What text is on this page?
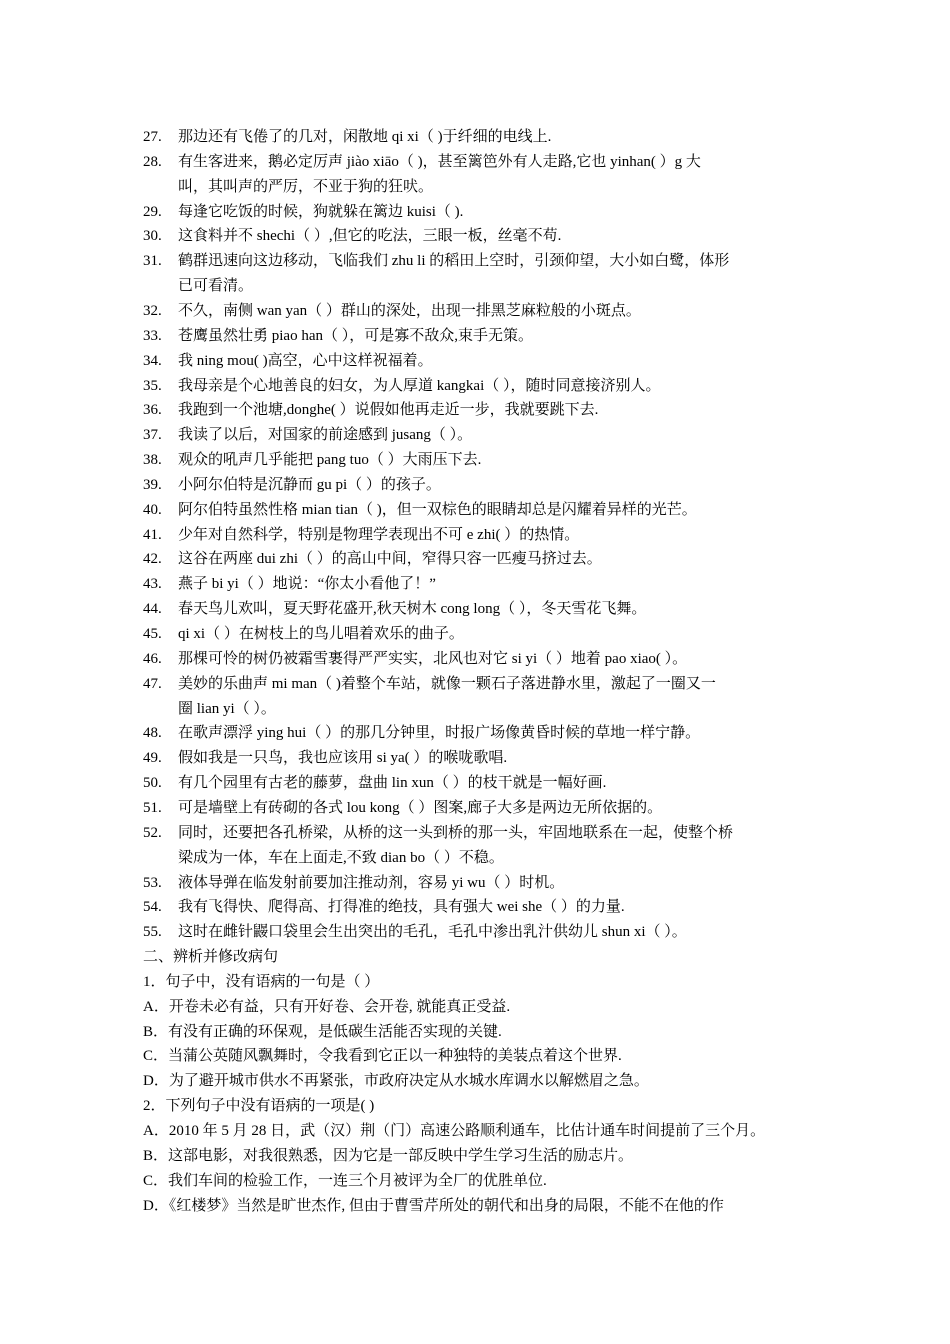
27.	那边还有飞倦了的几对，闲散地 qi xi（ )于纤细的电线上.
28.	有生客进来，鹅必定厉声 jiào xiāo（ )，甚至篱笆外有人走路,它也 yinhan( ）g 大
叫，其叫声的严厉，不亚于狗的狂吠。
29.	每逢它吃饭的时候，狗就躲在篱边 kuisi（ ).
30.	这食料并不 shechi（ ）,但它的吃法，三眼一板，丝毫不苟.
31.	鹤群迅速向这边移动，飞临我们 zhu li 的稻田上空时，引颈仰望，大小如白鹭，体形
已可看清。
32.	不久，南侧 wan yan（ ）群山的深处，出现一排黑芝麻粒般的小斑点。
33.	苍鹰虽然壮勇 piao han（ ），可是寡不敌众,束手无策。
34.	我 ning mou( )高空，心中这样祝福着。
35.	我母亲是个心地善良的妇女，为人厚道 kangkai（ ），随时同意接济别人。
36.	我跑到一个池塘,donghe( ）说假如他再走近一步，我就要跳下去.
37.	我读了以后，对国家的前途感到 jusang（ ）。
38.	观众的吼声几乎能把 pang tuo（ ）大雨压下去.
39.	小阿尔伯特是沉静而 gu pi（ ）的孩子。
40.	阿尔伯特虽然性格 mian tian（ )，但一双棕色的眼睛却总是闪耀着异样的光芒。
41.	少年对自然科学，特别是物理学表现出不可 e zhi( ）的热情。
42.	这谷在两座 dui zhi（ ）的高山中间，窄得只容一匹瘦马挤过去。
43.	燕子 bi yi（ ）地说：“你太小看他了！”
44.	春天鸟儿欢叫，夏天野花盛开,秋天树木 cong long（ ），冬天雪花飞舞。
45.	qi xi（ ）在树枝上的鸟儿唱着欢乐的曲子。
46.	那棵可怜的树仍被霜雪裹得严严实实，北风也对它 si yi（ ）地着 pao xiao( ）。
47.	美妙的乐曲声 mi man（ )着整个车站，就像一颗石子落进静水里，激起了一圈又一
圈 lian yi（ ）。
48.	在歌声漂浮 ying hui（ ）的那几分钟里，时报广场像黄昏时候的草地一样宁静。
49.	假如我是一只鸟，我也应该用 si ya( ）的喉咙歌唱.
50.	有几个园里有古老的藤萝，盘曲 lin xun（ ）的枝干就是一幅好画.
51.	可是墙壁上有砖砌的各式 lou kong（ ）图案,廊子大多是两边无所依据的。
52.	同时，还要把各孔桥梁，从桥的这一头到桥的那一头，牢固地联系在一起，使整个桥
梁成为一体，车在上面走,不致 dian bo（ ）不稳。
53.	液体导弹在临发射前要加注推动剂，容易 yi wu（ ）时机。
54.	我有飞得快、爬得高、打得准的绝技，具有强大 wei she（ ）的力量.
55.	这时在雌针鼹口袋里会生出突出的毛孔，毛孔中渗出乳汁供幼儿 shun xi（ ）。
二、辨析并修改病句
1．句子中，没有语病的一句是（ ）
A．开卷未必有益，只有开好卷、会开卷, 就能真正受益.
B．有没有正确的环保观，是低碳生活能否实现的关键.
C．当蒲公英随风飘舞时，令我看到它正以一种独特的美装点着这个世界.
D．为了避开城市供水不再紧张，市政府决定从水城水库调水以解燃眉之急。
2．下列句子中没有语病的一项是( )
A．2010 年 5 月 28 日，武（汉）荆（门）高速公路顺利通车，比估计通车时间提前了三个月。
B．这部电影，对我很熟悉，因为它是一部反映中学生学习生活的励志片。
C．我们车间的检验工作，一连三个月被评为全厂的优胜单位.
D．《红楼梦》当然是旷世杰作, 但由于曹雪芹所处的朝代和出身的局限，不能不在他的作
